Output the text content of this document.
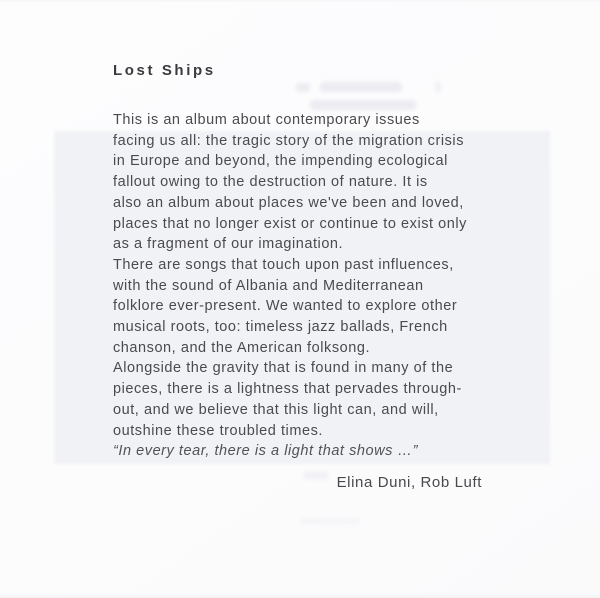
Lost Ships
This is an album about contemporary issues
facing us all: the tragic story of the migration crisis
in Europe and beyond, the impending ecological
fallout owing to the destruction of nature. It is
also an album about places we've been and loved,
places that no longer exist or continue to exist only
as a fragment of our imagination.
There are songs that touch upon past influences,
with the sound of Albania and Mediterranean
folklore ever-present. We wanted to explore other
musical roots, too: timeless jazz ballads, French
chanson, and the American folksong.
Alongside the gravity that is found in many of the
pieces, there is a lightness that pervades through-
out, and we believe that this light can, and will,
outshine these troubled times.
“In every tear, there is a light that shows …”
Elina Duni, Rob Luft
